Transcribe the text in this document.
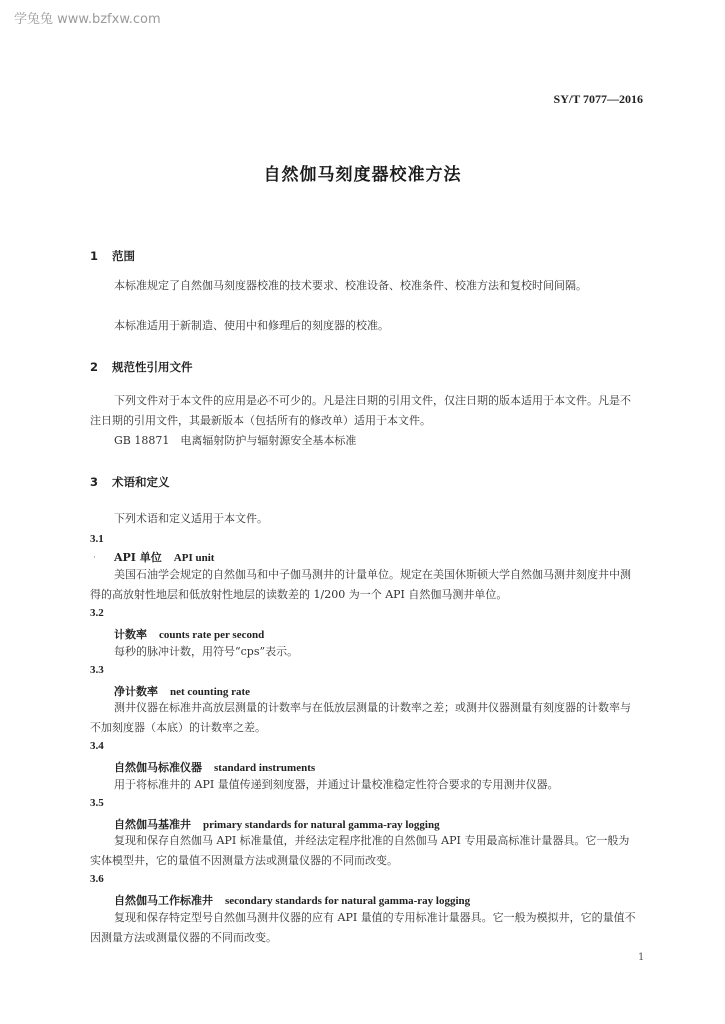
学兔兔 www.bzfxw.com
SY/T 7077—2016
自然伽马刻度器校准方法
1 范围
本标准规定了自然伽马刻度器校准的技术要求、校准设备、校准条件、校准方法和复校时间间隔。
本标准适用于新制造、使用中和修理后的刻度器的校准。
2 规范性引用文件
下列文件对于本文件的应用是必不可少的。凡是注日期的引用文件，仅注日期的版本适用于本文件。凡是不注日期的引用文件，其最新版本（包括所有的修改单）适用于本文件。
GB 18871　电离辐射防护与辐射源安全基本标准
3 术语和定义
下列术语和定义适用于本文件。
·
3.1
API 单位 API unit
美国石油学会规定的自然伽马和中子伽马测井的计量单位。规定在美国休斯顿大学自然伽马测井刻度井中测得的高放射性地层和低放射性地层的读数差的 1/200 为一个 API 自然伽马测井单位。
3.2
计数率 counts rate per second
每秒的脉冲计数，用符号“cps”表示。
3.3
净计数率 net counting rate
测井仪器在标准井高放层测量的计数率与在低放层测量的计数率之差；或测井仪器测量有刻度器的计数率与不加刻度器（本底）的计数率之差。
3.4
自然伽马标准仪器 standard instruments
用于将标准井的 API 量值传递到刻度器，并通过计量校准稳定性符合要求的专用测井仪器。
3.5
自然伽马基准井 primary standards for natural gamma-ray logging
复现和保存自然伽马 API 标准量值，并经法定程序批准的自然伽马 API 专用最高标准计量器具。它一般为实体模型井，它的量值不因测量方法或测量仪器的不同而改变。
3.6
自然伽马工作标准井 secondary standards for natural gamma-ray logging
复现和保存特定型号自然伽马测井仪器的应有 API 量值的专用标准计量器具。它一般为模拟井，它的量值不因测量方法或测量仪器的不同而改变。
1
